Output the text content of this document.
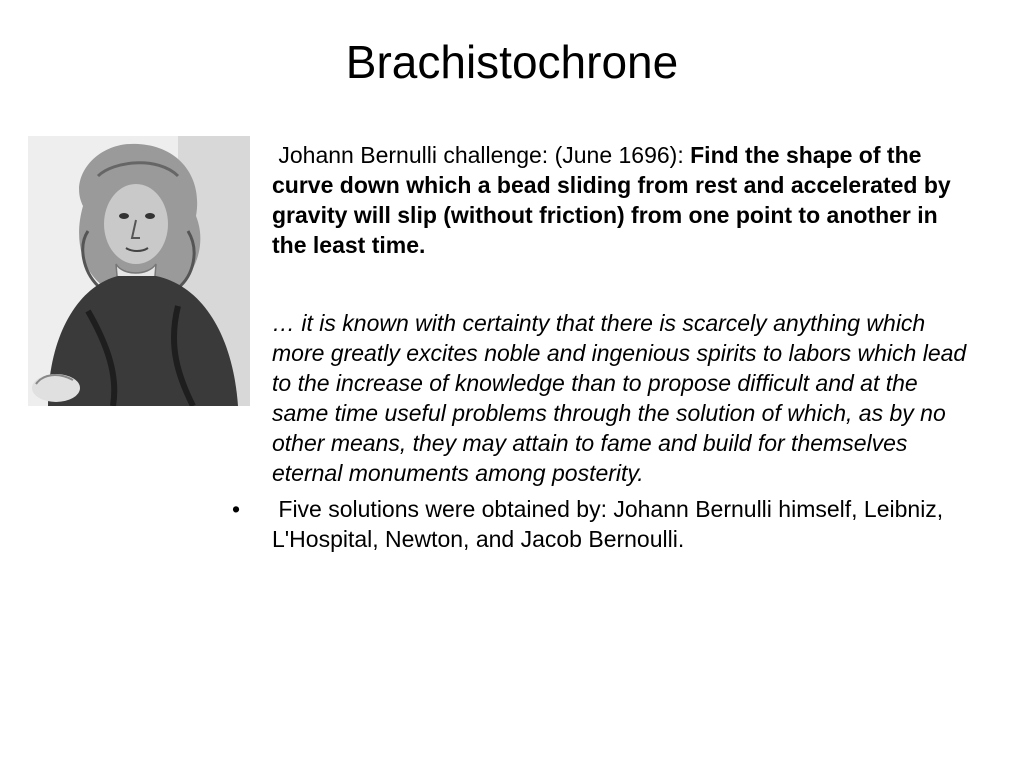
Brachistochrone

Johann Bernulli challenge: (June 1696): Find the shape of the curve down which a bead sliding from rest and accelerated by gravity will slip (without friction) from one point to another in the least time.

… it is known with certainty that there is scarcely anything which more greatly excites noble and ingenious spirits to labors which lead to the increase of knowledge than to propose difficult and at the same time useful problems through the solution of which, as by no other means, they may attain to fame and build for themselves eternal monuments among posterity.

•	Five solutions were obtained by: Johann Bernulli himself, Leibniz, L'Hospital, Newton, and Jacob Bernoulli.
